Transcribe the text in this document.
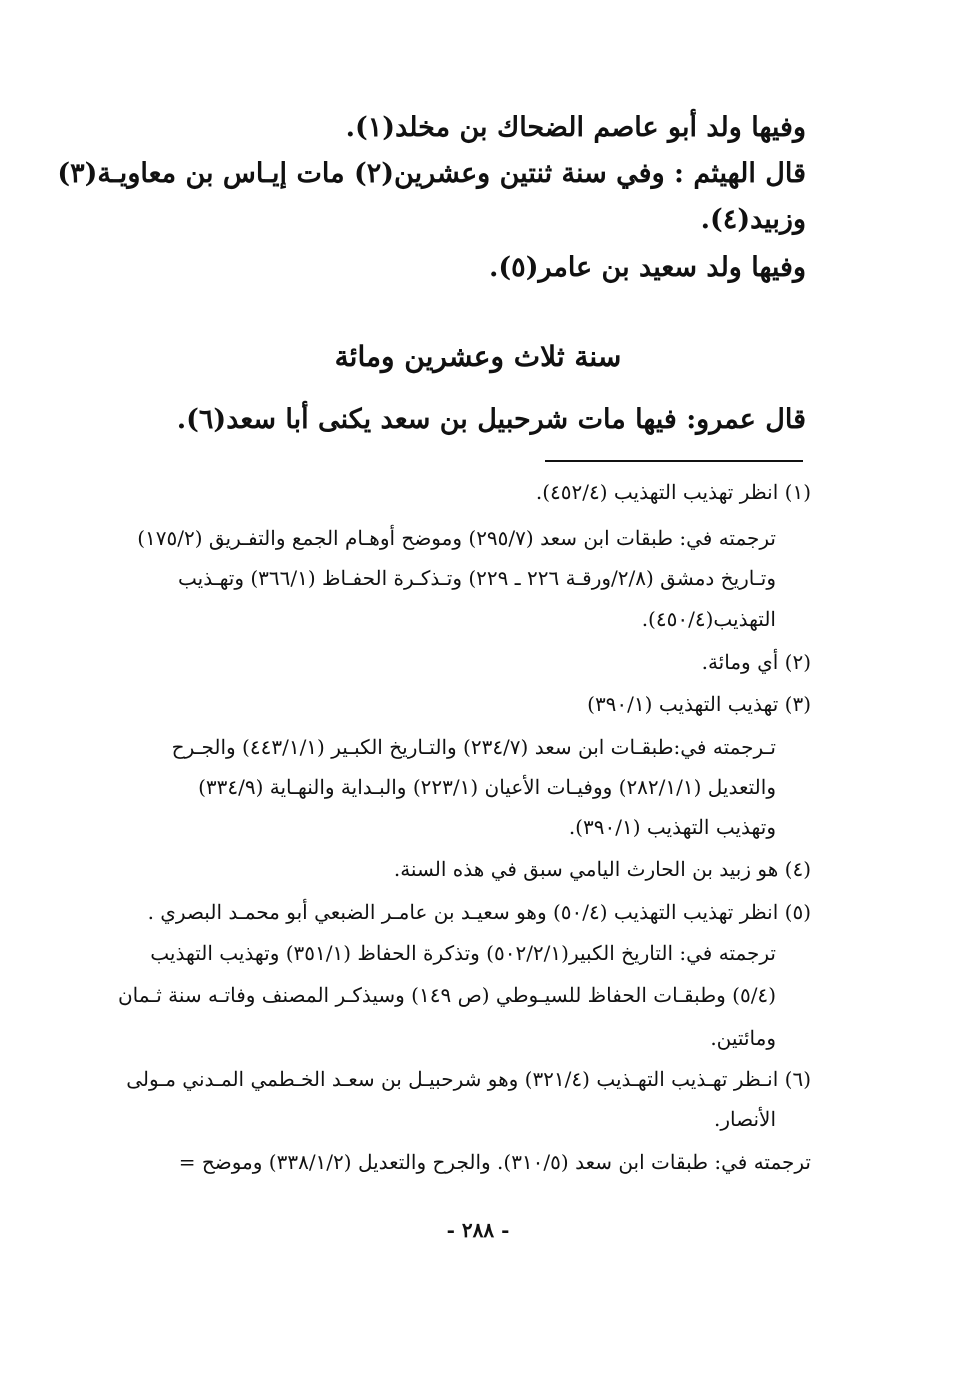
وفيها ولد أبو عاصم الضحاك بن مخلد(١).
قال الهيثم : وفي سنة ثنتين وعشرين(٢) مات إيـاس بن معاويـة(٣)
وزبيد(٤).
وفيها ولد سعيد بن عامر(٥).
سنة ثلاث وعشرين ومائة
قال عمرو: فيها مات شرحبيل بن سعد يكنى أبا سعد(٦).
(١) انظر تهذيب التهذيب (٤٥٢/٤).
ترجمته في: طبقات ابن سعد (٢٩٥/٧) وموضح أوهـام الجمع والتفـريق (١٧٥/٢)
وتـاريخ دمشق (٢/٨/ورقـة ٢٢٦ ـ ٢٢٩) وتـذكـرة الحفـاظ (٣٦٦/١) وتهـذيب
التهذيب(٤٥٠/٤).
(٢) أي ومائة.
(٣) تهذيب التهذيب (٣٩٠/١)
تـرجمته في:طبقـات ابن سعد (٢٣٤/٧) والتـاريخ الكبـير (٤٤٣/١/١) والجـرح
والتعديل (٢٨٢/١/١) ووفيـات الأعيان (٢٢٣/١) والبـداية والنهـاية (٣٣٤/٩)
وتهذيب التهذيب (٣٩٠/١).
(٤) هو زبيد بن الحارث اليامي سبق في هذه السنة.
(٥) انظر تهذيب التهذيب (٥٠/٤) وهو سعيـد بن عامـر الضبعي أبو محمـد البصري .
ترجمته في: التاريخ الكبير(٥٠٢/٢/١) وتذكرة الحفاظ (٣٥١/١) وتهذيب التهذيب
(٥/٤) وطبقـات الحفاظ للسيـوطي (ص ١٤٩) وسيذكـر المصنف وفاتـه سنة ثـمان
ومائتين.
(٦) انـظر تهـذيب التهـذيب (٣٢١/٤) وهو شرحبيـل بن سعـد الخـطمي المـدني مـولى
الأنصار.
ترجمته في: طبقات ابن سعد (٣١٠/٥). والجرح والتعديل (٣٣٨/١/٢) وموضح =
- ٢٨٨ -
